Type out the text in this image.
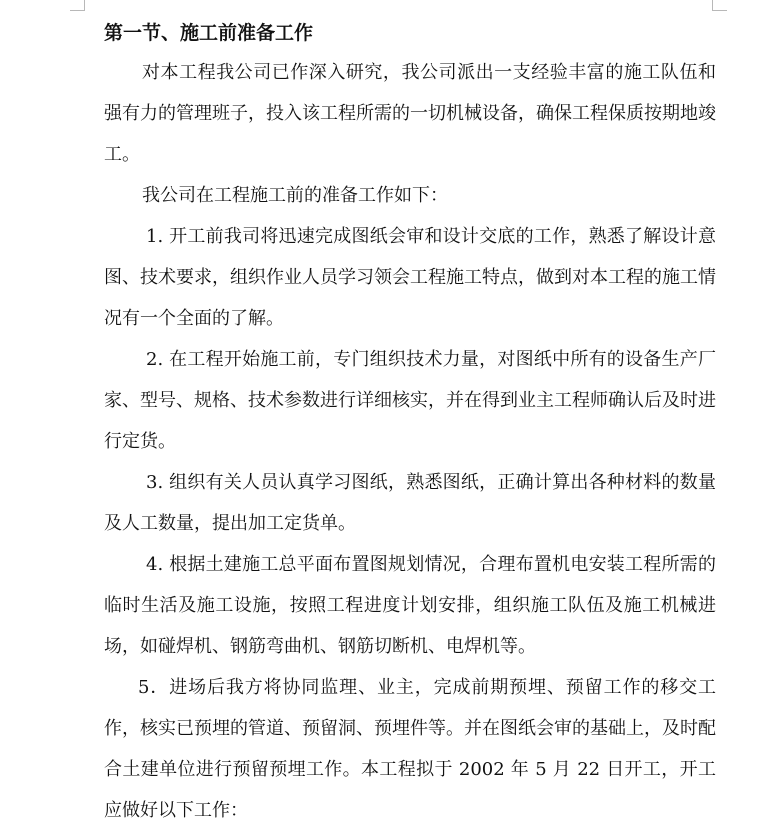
第一节、施工前准备工作

对本工程我公司已作深入研究，我公司派出一支经验丰富的施工队伍和强有力的管理班子，投入该工程所需的一切机械设备，确保工程保质按期地竣工。

我公司在工程施工前的准备工作如下：

1. 开工前我司将迅速完成图纸会审和设计交底的工作，熟悉了解设计意图、技术要求，组织作业人员学习领会工程施工特点，做到对本工程的施工情况有一个全面的了解。

2. 在工程开始施工前，专门组织技术力量，对图纸中所有的设备生产厂家、型号、规格、技术参数进行详细核实，并在得到业主工程师确认后及时进行定货。

3. 组织有关人员认真学习图纸，熟悉图纸，正确计算出各种材料的数量及人工数量，提出加工定货单。

4. 根据土建施工总平面布置图规划情况，合理布置机电安装工程所需的临时生活及施工设施，按照工程进度计划安排，组织施工队伍及施工机械进场，如碰焊机、钢筋弯曲机、钢筋切断机、电焊机等。

5．进场后我方将协同监理、业主，完成前期预埋、预留工作的移交工作，核实已预埋的管道、预留洞、预埋件等。并在图纸会审的基础上，及时配合土建单位进行预留预埋工作。本工程拟于 2002 年 5 月 22 日开工，开工应做好以下工作：
